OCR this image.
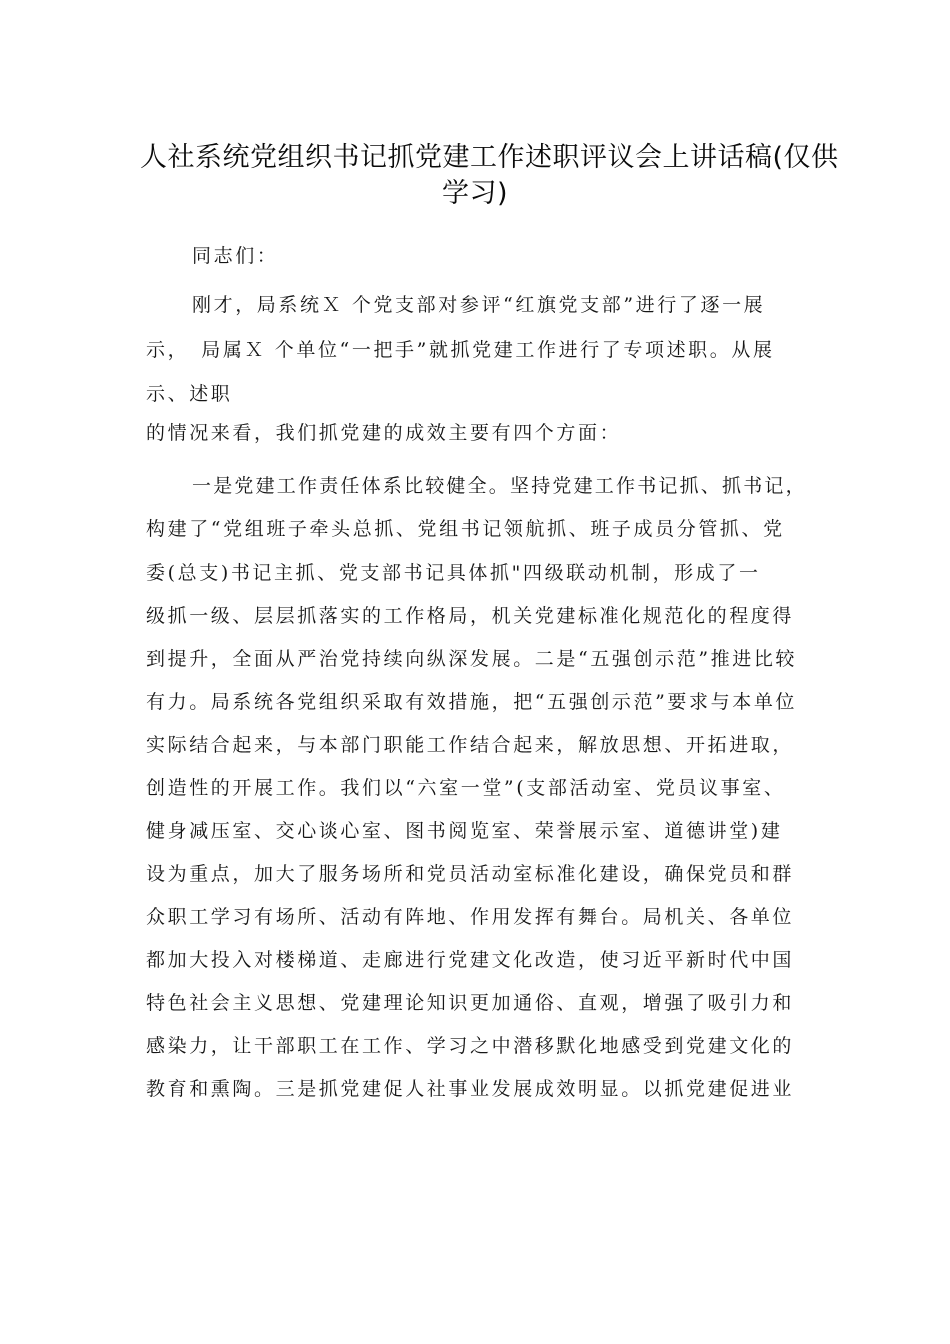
人社系统党组织书记抓党建工作述职评议会上讲话稿(仅供
学习)
同志们：
刚才，局系统Ｘ 个党支部对参评“红旗党支部”进行了逐一展
示，　局属Ｘ 个单位“一把手”就抓党建工作进行了专项述职。从展
示、述职
的情况来看，我们抓党建的成效主要有四个方面：
一是党建工作责任体系比较健全。坚持党建工作书记抓、抓书记，
构建了“党组班子牵头总抓、党组书记领航抓、班子成员分管抓、党
委(总支)书记主抓、党支部书记具体抓"四级联动机制，形成了一
级抓一级、层层抓落实的工作格局，机关党建标准化规范化的程度得
到提升，全面从严治党持续向纵深发展。二是“五强创示范”推进比较
有力。局系统各党组织采取有效措施，把“五强创示范”要求与本单位
实际结合起来，与本部门职能工作结合起来，解放思想、开拓进取，
创造性的开展工作。我们以“六室一堂”(支部活动室、党员议事室、
健身减压室、交心谈心室、图书阅览室、荣誉展示室、道德讲堂)建
设为重点，加大了服务场所和党员活动室标准化建设，确保党员和群
众职工学习有场所、活动有阵地、作用发挥有舞台。局机关、各单位
都加大投入对楼梯道、走廊进行党建文化改造，使习近平新时代中国
特色社会主义思想、党建理论知识更加通俗、直观，增强了吸引力和
感染力，让干部职工在工作、学习之中潜移默化地感受到党建文化的
教育和熏陶。三是抓党建促人社事业发展成效明显。以抓党建促进业
